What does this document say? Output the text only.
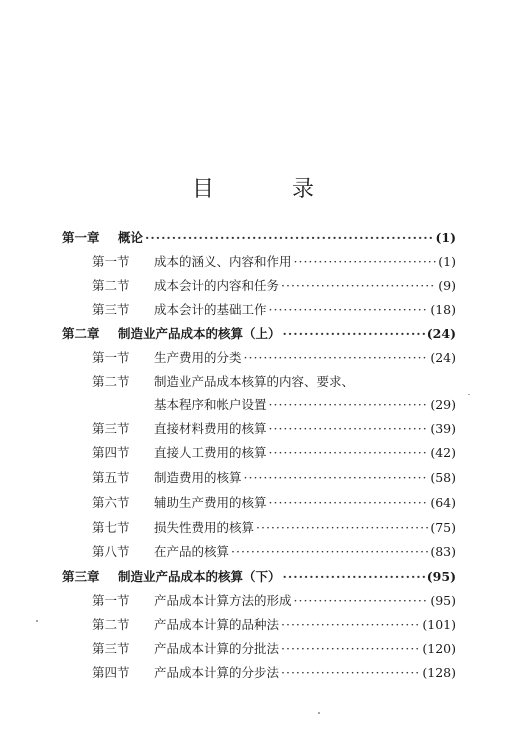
目	录
第一章 概论 ·····	(1)
第一节 成本的涵义、内容和作用 ·····	(1)
第二节 成本会计的内容和任务 ·····	(9)
第三节 成本会计的基础工作 ·····	(18)
第二章 制造业产品成本的核算（上） ·····	(24)
第一节 生产费用的分类 ·····	(24)
第二节 制造业产品成本核算的内容、要求、
基本程序和帐户设置 ·····	(29)
第三节 直接材料费用的核算 ·····	(39)
第四节 直接人工费用的核算 ·····	(42)
第五节 制造费用的核算 ·····	(58)
第六节 辅助生产费用的核算 ·····	(64)
第七节 损失性费用的核算 ·····	(75)
第八节 在产品的核算 ·····	(83)
第三章 制造业产品成本的核算（下） ·····	(95)
第一节 产品成本计算方法的形成 ·····	(95)
第二节 产品成本计算的品种法 ·····	(101)
第三节 产品成本计算的分批法 ·····	(120)
第四节 产品成本计算的分步法 ·····	(128)
